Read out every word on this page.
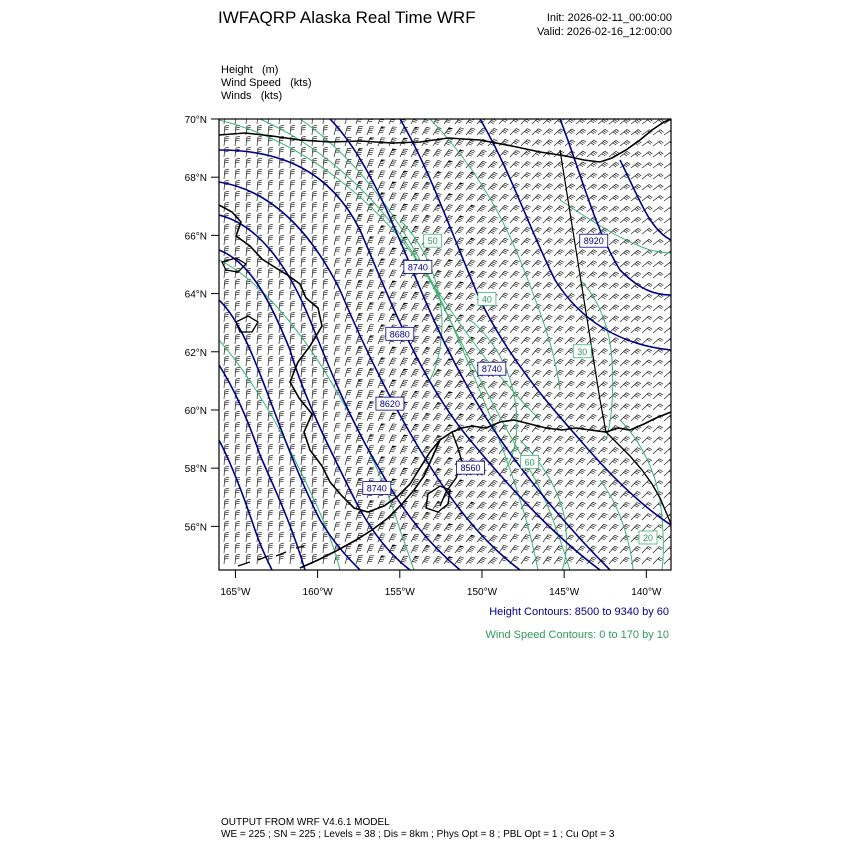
IWFAQRP Alaska Real Time WRF	Init: 2026-02-11_00:00:00
Valid: 2026-02-16_12:00:00
Height   (m)
Wind Speed   (kts)
Winds   (kts)
70°N
68°N
66°N
64°N
62°N
60°N
58°N
56°N
165°W	160°W	155°W	150°W	145°W	140°W
8740
8680
8620
8740
8560
8740
8920
50
40
30
60
20
Height Contours: 8500 to 9340 by 60
Wind Speed Contours: 0 to 170 by 10
OUTPUT FROM WRF V4.6.1 MODEL
WE = 225 ; SN = 225 ; Levels = 38 ; Dis = 8km ; Phys Opt = 8 ; PBL Opt = 1 ; Cu Opt = 3
